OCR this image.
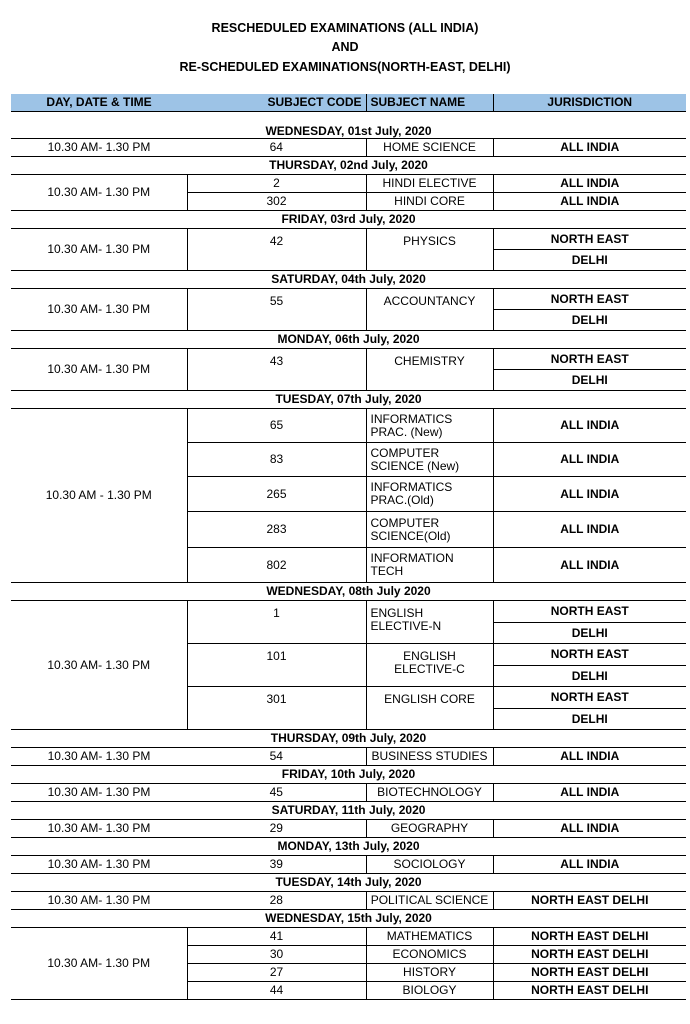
RESCHEDULED EXAMINATIONS (ALL INDIA)
AND
RE-SCHEDULED EXAMINATIONS(NORTH-EAST, DELHI)
DAY, DATE & TIME	SUBJECT CODE	SUBJECT NAME	JURISDICTION
WEDNESDAY, 01st July, 2020			
10.30 AM- 1.30 PM	64	HOME SCIENCE	ALL INDIA
THURSDAY, 02nd July, 2020			
10.30 AM- 1.30 PM	2	HINDI ELECTIVE	ALL INDIA
	302	HINDI CORE	ALL INDIA
FRIDAY, 03rd July, 2020			
10.30 AM- 1.30 PM	42	PHYSICS	NORTH EAST
			DELHI
SATURDAY, 04th July, 2020			
10.30 AM- 1.30 PM	55	ACCOUNTANCY	NORTH EAST
			DELHI
MONDAY, 06th July, 2020			
10.30 AM- 1.30 PM	43	CHEMISTRY	NORTH EAST
			DELHI
TUESDAY, 07th July, 2020			
10.30 AM - 1.30 PM	65	INFORMATICS PRAC. (New)	ALL INDIA
	83	COMPUTER SCIENCE (New)	ALL INDIA
	265	INFORMATICS PRAC.(Old)	ALL INDIA
	283	COMPUTER SCIENCE(Old)	ALL INDIA
	802	INFORMATION TECH	ALL INDIA
WEDNESDAY, 08th July 2020			
10.30 AM- 1.30 PM	1	ENGLISH ELECTIVE-N	NORTH EAST
			DELHI
	101	ENGLISH ELECTIVE-C	NORTH EAST
			DELHI
	301	ENGLISH CORE	NORTH EAST
			DELHI
THURSDAY, 09th July, 2020			
10.30 AM- 1.30 PM	54	BUSINESS STUDIES	ALL INDIA
FRIDAY, 10th July, 2020			
10.30 AM- 1.30 PM	45	BIOTECHNOLOGY	ALL INDIA
SATURDAY, 11th July, 2020			
10.30 AM- 1.30 PM	29	GEOGRAPHY	ALL INDIA
MONDAY, 13th July, 2020			
10.30 AM- 1.30 PM	39	SOCIOLOGY	ALL INDIA
TUESDAY, 14th July, 2020			
10.30 AM- 1.30 PM	28	POLITICAL SCIENCE	NORTH EAST DELHI
WEDNESDAY, 15th July, 2020			
10.30 AM- 1.30 PM	41	MATHEMATICS	NORTH EAST DELHI
	30	ECONOMICS	NORTH EAST DELHI
	27	HISTORY	NORTH EAST DELHI
	44	BIOLOGY	NORTH EAST DELHI
